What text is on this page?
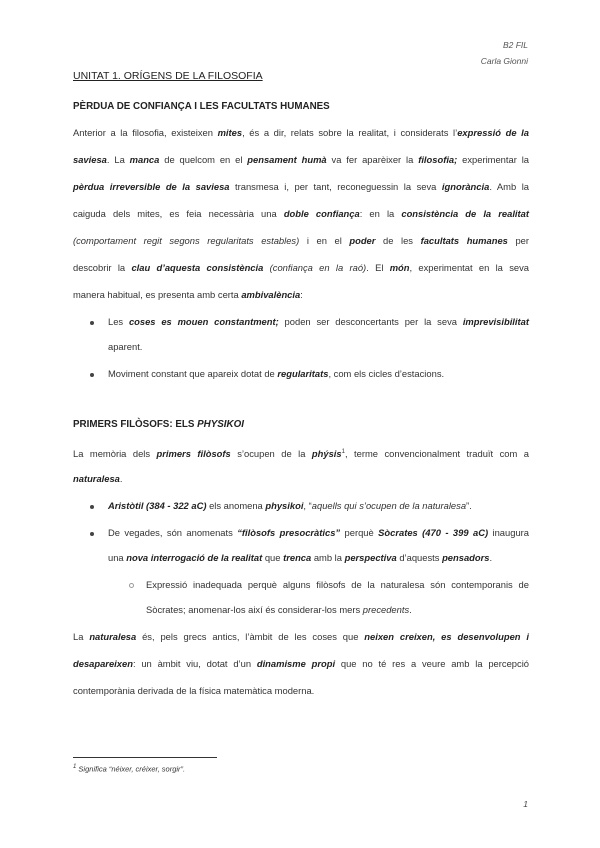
B2 FIL
Carla Gionni
UNITAT 1. ORÍGENS DE LA FILOSOFIA
PÈRDUA DE CONFIANÇA I LES FACULTATS HUMANES
Anterior a la filosofia, existeixen mites, és a dir, relats sobre la realitat, i considerats l’expressió de la
saviesa. La manca de quelcom en el pensament humà va fer aparèixer la filosofia; experimentar la
pèrdua irreversible de la saviesa transmesa i, per tant, reconeguessin la seva ignorància. Amb la
caiguda dels mites, es feia necessària una doble confiança: en la consistència de la realitat
(comportament regit segons regularitats estables) i en el poder de les facultats humanes per
descobrir la clau d’aquesta consistència (confiança en la raó). El món, experimentat en la seva
manera habitual, es presenta amb certa ambivalència:
Les coses es mouen constantment; poden ser desconcertants per la seva imprevisibilitat
aparent.
Moviment constant que apareix dotat de regularitats, com els cicles d’estacions.
PRIMERS FILÒSOFS: ELS PHYSIKOI
La memòria dels primers filòsofs s’ocupen de la phýsis$^1$, terme convencionalment traduït com a
naturalesa.
Aristòtil (384 - 322 aC) els anomena physikoi, “aquells qui s’ocupen de la naturalesa”.
De vegades, són anomenats “filòsofs presocràtics” perquè Sòcrates (470 - 399 aC) inaugura
una nova interrogació de la realitat que trenca amb la perspectiva d’aquests pensadors.
Expressió inadequada perquè alguns filòsofs de la naturalesa són contemporanis de
Sòcrates; anomenar-los així és considerar-los mers precedents.
La naturalesa és, pels grecs antics, l’àmbit de les coses que neixen creixen, es desenvolupen i
desapareixen: un àmbit viu, dotat d’un dinamisme propi que no té res a veure amb la percepció
contemporània derivada de la física matemàtica moderna.
$^1$ Significa “néixer, créixer, sorgir”.
1
